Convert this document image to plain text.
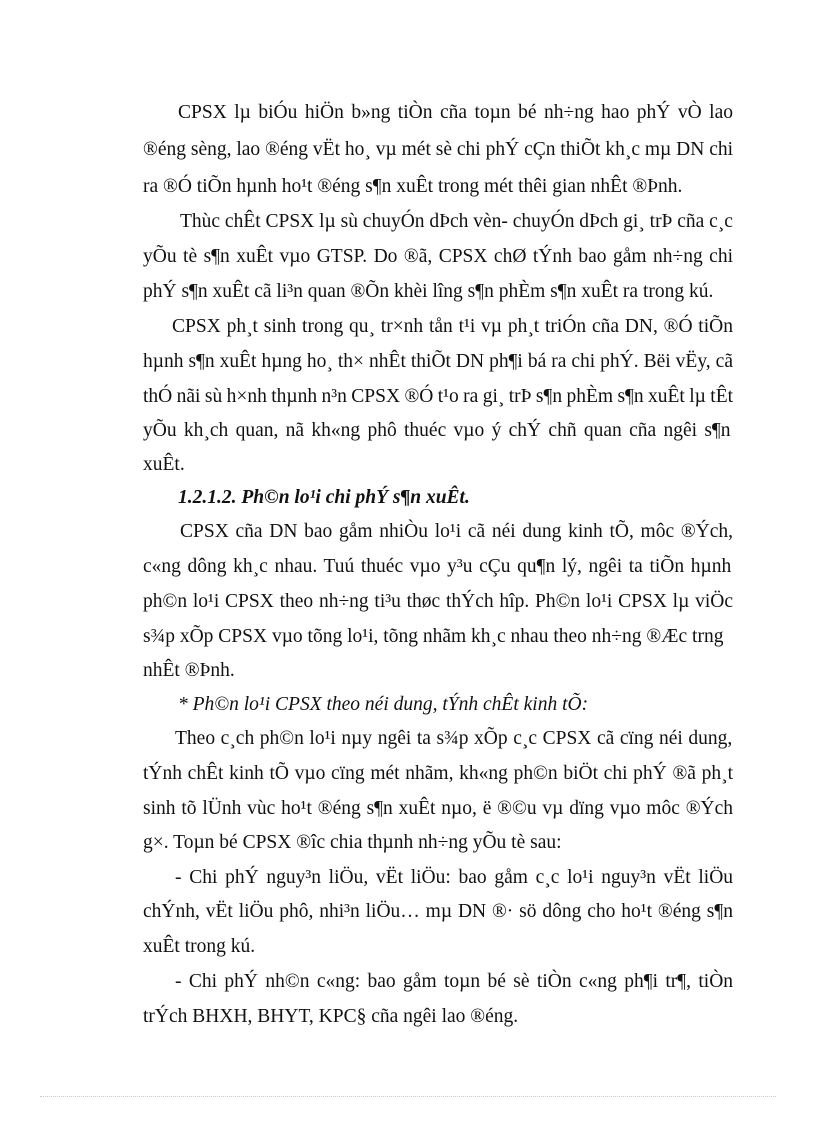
CPSX lµ biÓu hiÖn b»ng tiÒn cña toµn bé nh÷ng hao phÝ vÒ lao

®éng sèng, lao ®éng vËt ho¸ vµ mét sè chi phÝ cÇn thiÕt kh¸c mµ DN chi

ra ®Ó tiÕn hµnh ho¹t ®éng s¶n xuÊt trong mét thêi gian nhÊt ®Þnh.

Thùc chÊt CPSX lµ sù chuyÓn dÞch vèn- chuyÓn dÞch gi¸ trÞ cña c¸c

yÕu tè s¶n xuÊt vµo GTSP. Do ®ã, CPSX chØ tÝnh bao gåm nh÷ng chi

phÝ s¶n xuÊt cã li³n quan ®Õn khèi lîng s¶n phÈm s¶n xuÊt ra trong kú.

CPSX ph¸t sinh trong qu¸ tr×nh tån t¹i vµ ph¸t triÓn cña DN, ®Ó tiÕn

hµnh s¶n xuÊt hµng ho¸ th× nhÊt thiÕt DN ph¶i bá ra chi phÝ. Bëi vËy, cã

thÓ nãi sù h×nh thµnh n³n CPSX ®Ó t¹o ra gi¸ trÞ s¶n phÈm s¶n xuÊt lµ tÊt

yÕu kh¸ch quan, nã kh«ng phô thuéc vµo ý chÝ chñ quan cña ngêi s¶n

xuÊt.

1.2.1.2. Ph©n lo¹i chi phÝ s¶n xuÊt.

CPSX cña DN bao gåm nhiÒu lo¹i cã néi dung kinh tÕ, môc ®Ých,

c«ng dông kh¸c nhau. Tuú thuéc vµo y³u cÇu qu¶n lý, ngêi ta tiÕn hµnh

ph©n lo¹i CPSX theo nh÷ng ti³u thøc thÝch hîp. Ph©n lo¹i CPSX lµ viÖc

s¾p xÕp CPSX vµo tõng lo¹i, tõng nhãm kh¸c nhau theo nh÷ng ®Æc trng

nhÊt ®Þnh.

* Ph©n lo¹i CPSX theo néi dung, tÝnh chÊt kinh tÕ:

Theo c¸ch ph©n lo¹i nµy ngêi ta s¾p xÕp c¸c CPSX cã cïng néi dung,

tÝnh chÊt kinh tÕ vµo cïng mét nhãm, kh«ng ph©n biÖt chi phÝ ®ã ph¸t

sinh tõ lÜnh vùc ho¹t ®éng s¶n xuÊt nµo, ë ®©u vµ dïng vµo môc ®Ých

g×. Toµn bé CPSX ®îc chia thµnh nh÷ng yÕu tè sau:

- Chi phÝ nguy³n liÖu, vËt liÖu: bao gåm c¸c lo¹i nguy³n vËt liÖu

chÝnh, vËt liÖu phô, nhi³n liÖu… mµ DN ®· sö dông cho ho¹t ®éng s¶n

xuÊt trong kú.

- Chi phÝ nh©n c«ng: bao gåm toµn bé sè tiÒn c«ng ph¶i tr¶, tiÒn

trÝch BHXH, BHYT, KPC§ cña ngêi lao ®éng.
